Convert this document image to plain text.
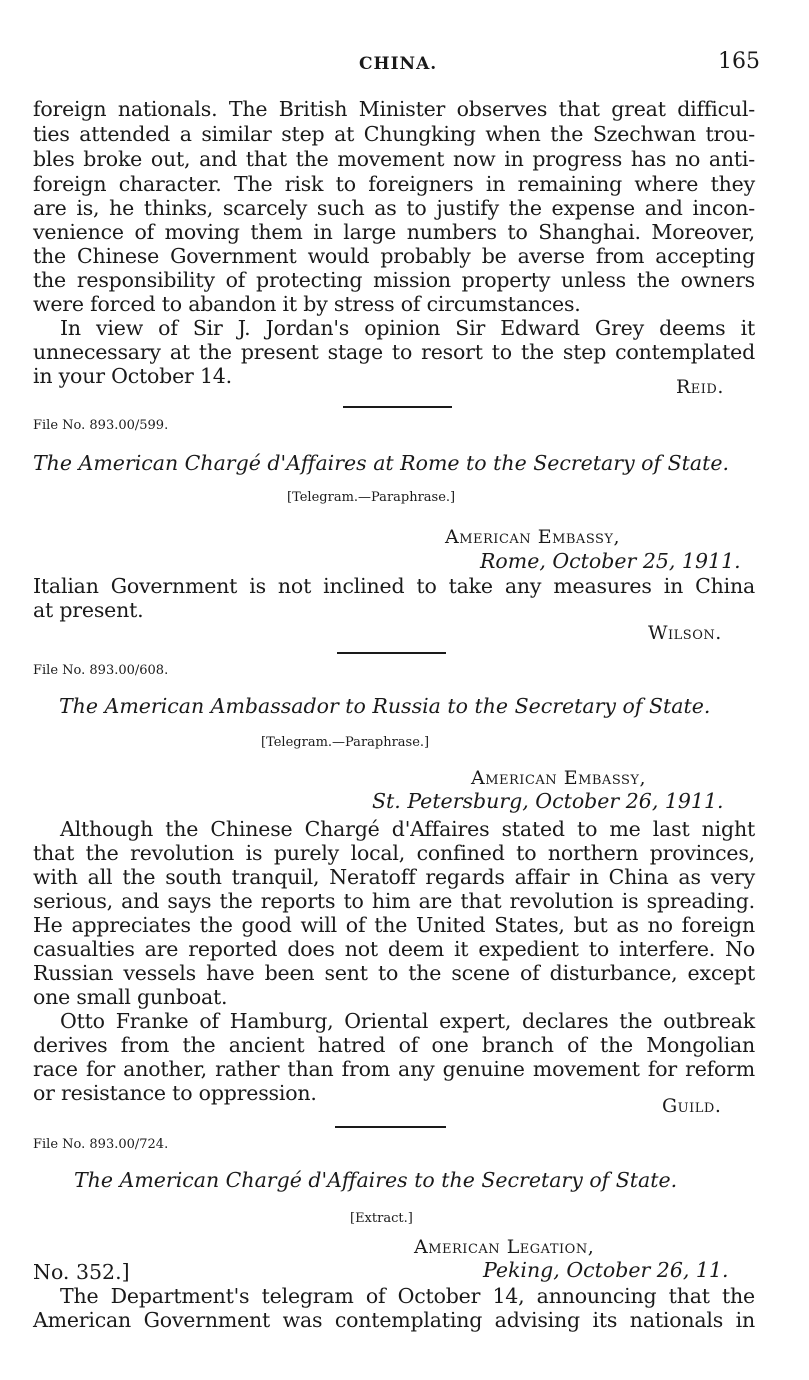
CHINA.	165
foreign nationals. The British Minister observes that great difficul-
ties attended a similar step at Chungking when the Szechwan trou-
bles broke out, and that the movement now in progress has no anti-
foreign character. The risk to foreigners in remaining where they
are is, he thinks, scarcely such as to justify the expense and incon-
venience of moving them in large numbers to Shanghai. Moreover,
the Chinese Government would probably be averse from accepting
the responsibility of protecting mission property unless the owners
were forced to abandon it by stress of circumstances.
In view of Sir J. Jordan's opinion Sir Edward Grey deems it
unnecessary at the present stage to resort to the step contemplated
in your October 14.	Reid.
File No. 893.00/599.
The American Chargé d'Affaires at Rome to the Secretary of State.
[Telegram.—Paraphrase.]
American Embassy,
Rome, October 25, 1911.
Italian Government is not inclined to take any measures in China
at present.
Wilson.
File No. 893.00/608.
The American Ambassador to Russia to the Secretary of State.
[Telegram.—Paraphrase.]
American Embassy,
St. Petersburg, October 26, 1911.
Although the Chinese Chargé d'Affaires stated to me last night
that the revolution is purely local, confined to northern provinces,
with all the south tranquil, Neratoff regards affair in China as very
serious, and says the reports to him are that revolution is spreading.
He appreciates the good will of the United States, but as no foreign
casualties are reported does not deem it expedient to interfere. No
Russian vessels have been sent to the scene of disturbance, except
one small gunboat.
Otto Franke of Hamburg, Oriental expert, declares the outbreak
derives from the ancient hatred of one branch of the Mongolian
race for another, rather than from any genuine movement for reform
or resistance to oppression.
Guild.
File No. 893.00/724.
The American Chargé d'Affaires to the Secretary of State.
[Extract.]
American Legation,
No. 352.]	Peking, October 26, 11.
The Department's telegram of October 14, announcing that the
American Government was contemplating advising its nationals in
